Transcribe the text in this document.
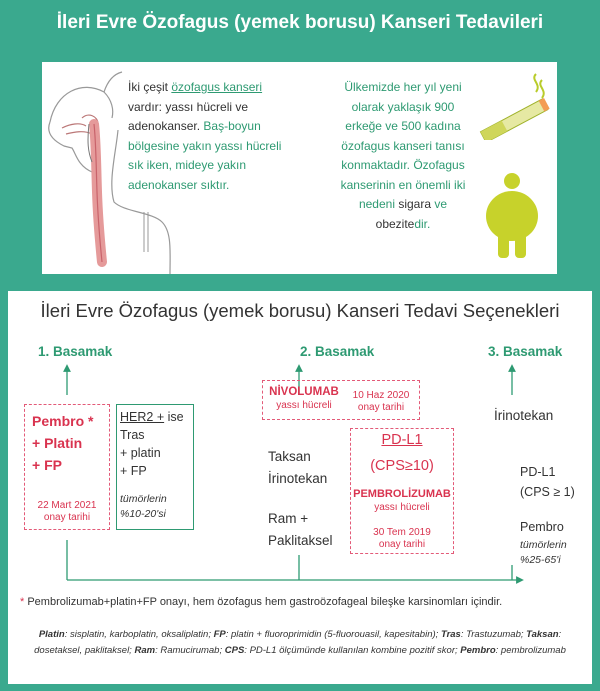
İleri Evre Özofagus (yemek borusu) Kanseri Tedavileri
İki çeşit özofagus kanseri vardır: yassı hücreli ve adenokanser. Baş-boyun bölgesine yakın yassı hücreli sık iken, mideye yakın adenokanser sıktır.
Ülkemizde her yıl yeni olarak yaklaşık 900 erkeğe ve 500 kadına özofagus kanseri tanısı konmaktadır. Özofagus kanserinin en önemli iki nedeni sigara ve obezitedir.
İleri Evre Özofagus (yemek borusu) Kanseri Tedavi Seçenekleri
1. Basamak
Pembro *
+ Platin
+ FP
22 Mart 2021
onay tarihi
HER2 + ise
Tras
+ platin
+ FP
tümörlerin
%10-20'si
2. Basamak
NİVOLUMAB
yassı hücreli
10 Haz 2020
onay tarihi
Taksan
İrinotekan
Ram +
Paklitaksel
PD-L1
(CPS≥10)
PEMBROLİZUMAB
yassı hücreli
30 Tem 2019
onay tarihi
3. Basamak
İrinotekan
PD-L1
(CPS ≥ 1)
Pembro
tümörlerin
%25-65'i
* Pembrolizumab+platin+FP onayı, hem özofagus hem gastroözofageal bileşke karsinomları içindir.
Platin: sisplatin, karboplatin, oksaliplatin; FP: platin + fluoroprimidin (5-fluorouasil, kapesitabin); Tras: Trastuzumab; Taksan: dosetaksel, paklitaksel; Ram: Ramucirumab; CPS: PD-L1 ölçümünde kullanılan kombine pozitif skor; Pembro: pembrolizumab
